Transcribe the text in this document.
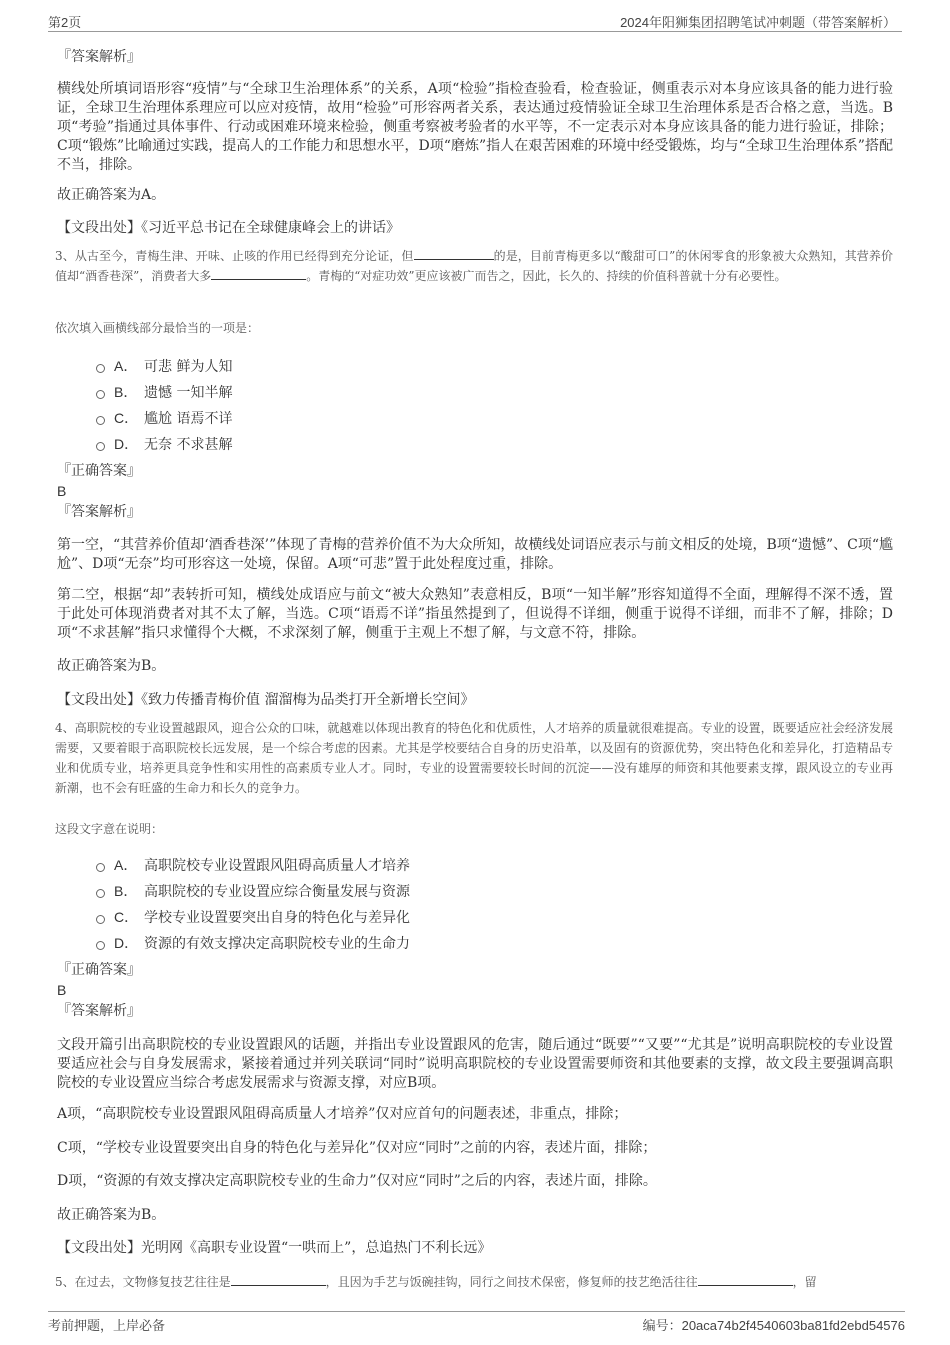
第2页	2024年阳狮集团招聘笔试冲刺题（带答案解析）
『答案解析』

横线处所填词语形容“疫情”与“全球卫生治理体系”的关系，A项“检验”指检查验看，检查验证，侧重表示对本身应该具备的能力进行验证，全球卫生治理体系理应可以应对疫情，故用“检验”可形容两者关系，表达通过疫情验证全球卫生治理体系是否合格之意，当选。B项“考验”指通过具体事件、行动或困难环境来检验，侧重考察被考验者的水平等，不一定表示对本身应该具备的能力进行验证，排除；C项“锻炼”比喻通过实践，提高人的工作能力和思想水平，D项“磨炼”指人在艰苦困难的环境中经受锻炼，均与“全球卫生治理体系”搭配不当，排除。

故正确答案为A。
【文段出处】《习近平总书记在全球健康峰会上的讲话》

3、从古至今，青梅生津、开味、止咳的作用已经得到充分论证，但	的是，目前青梅更多以“酸甜可口”的休闲零食的形象被大众熟知，其营养价值却“酒香巷深”，消费者大多	。青梅的“对症功效”更应该被广而告之，因此，长久的、持续的价值科普就十分有必要性。

依次填入画横线部分最恰当的一项是：
A． 可悲 鲜为人知
B． 遗憾 一知半解
C． 尴尬 语焉不详
D． 无奈 不求甚解
『正确答案』
B
『答案解析』

第一空，“其营养价值却‘酒香巷深’”体现了青梅的营养价值不为大众所知，故横线处词语应表示与前文相反的处境，B项“遗憾”、C项“尴尬”、D项“无奈”均可形容这一处境，保留。A项“可悲”置于此处程度过重，排除。

第二空，根据“却”表转折可知，横线处成语应与前文“被大众熟知”表意相反，B项“一知半解”形容知道得不全面，理解得不深不透，置于此处可体现消费者对其不太了解，当选。C项“语焉不详”指虽然提到了，但说得不详细，侧重于说得不详细，而非不了解，排除；D项“不求甚解”指只求懂得个大概，不求深刻了解，侧重于主观上不想了解，与文意不符，排除。

故正确答案为B。
【文段出处】《致力传播青梅价值 溜溜梅为品类打开全新增长空间》

4、高职院校的专业设置越跟风，迎合公众的口味，就越难以体现出教育的特色化和优质性，人才培养的质量就很难提高。专业的设置，既要适应社会经济发展需要，又要着眼于高职院校长远发展，是一个综合考虑的因素。尤其是学校要结合自身的历史沿革，以及固有的资源优势，突出特色化和差异化，打造精品专业和优质专业，培养更具竞争性和实用性的高素质专业人才。同时，专业的设置需要较长时间的沉淀——没有雄厚的师资和其他要素支撑，跟风设立的专业再新潮，也不会有旺盛的生命力和长久的竞争力。

这段文字意在说明：
A． 高职院校专业设置跟风阻碍高质量人才培养
B． 高职院校的专业设置应综合衡量发展与资源
C． 学校专业设置要突出自身的特色化与差异化
D． 资源的有效支撑决定高职院校专业的生命力
『正确答案』
B
『答案解析』

文段开篇引出高职院校的专业设置跟风的话题，并指出专业设置跟风的危害，随后通过“既要”“又要”“尤其是”说明高职院校的专业设置要适应社会与自身发展需求，紧接着通过并列关联词“同时”说明高职院校的专业设置需要师资和其他要素的支撑，故文段主要强调高职院校的专业设置应当综合考虑发展需求与资源支撑，对应B项。

A项，“高职院校专业设置跟风阻碍高质量人才培养”仅对应首句的问题表述，非重点，排除；

C项，“学校专业设置要突出自身的特色化与差异化”仅对应“同时”之前的内容，表述片面，排除；

D项，“资源的有效支撑决定高职院校专业的生命力”仅对应“同时”之后的内容，表述片面，排除。

故正确答案为B。
【文段出处】光明网《高职专业设置“一哄而上”，总追热门不利长远》

5、在过去，文物修复技艺往往是	，且因为手艺与饭碗挂钩，同行之间技术保密，修复师的技艺绝活往往	，留

考前押题，上岸必备	编号：20aca74b2f4540603ba81fd2ebd54576
